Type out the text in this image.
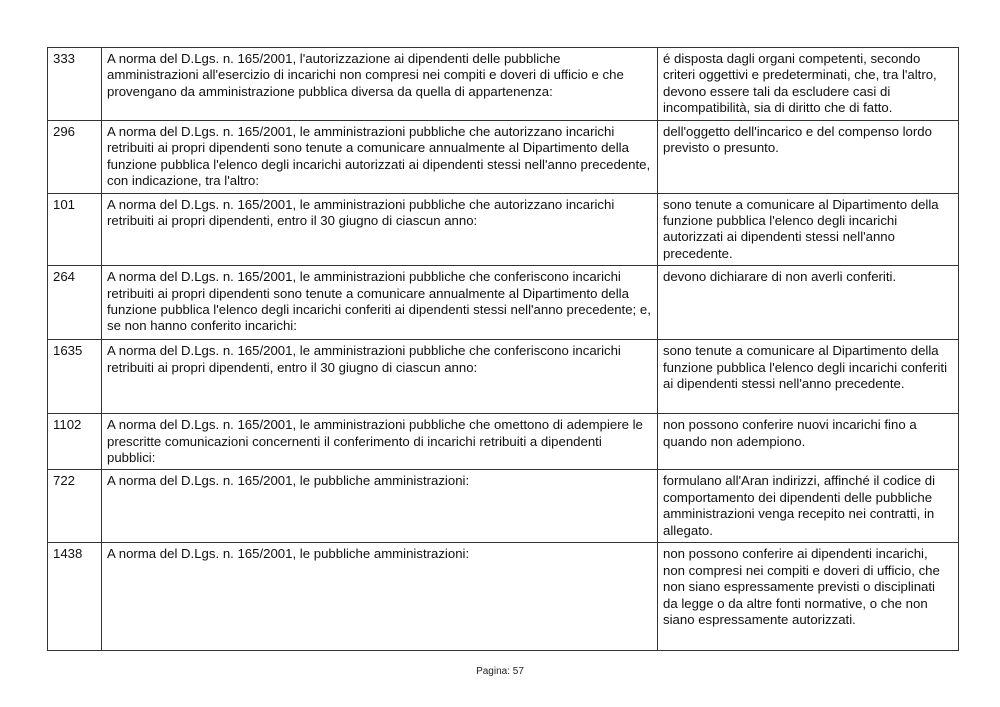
333	A norma del D.Lgs. n. 165/2001, l'autorizzazione ai dipendenti delle pubbliche amministrazioni all'esercizio di incarichi non compresi nei compiti e doveri di ufficio e che provengano da amministrazione pubblica diversa da quella di appartenenza:	é disposta dagli organi competenti, secondo criteri oggettivi e predeterminati, che, tra l'altro, devono essere tali da escludere casi di incompatibilità, sia di diritto che di fatto.
296	A norma del D.Lgs. n. 165/2001, le amministrazioni pubbliche che autorizzano incarichi retribuiti ai propri dipendenti sono tenute a comunicare annualmente al Dipartimento della funzione pubblica l'elenco degli incarichi autorizzati ai dipendenti stessi nell'anno precedente, con indicazione, tra l'altro:	dell'oggetto dell'incarico e del compenso lordo previsto o presunto.
101	A norma del D.Lgs. n. 165/2001, le amministrazioni pubbliche che autorizzano incarichi retribuiti ai propri dipendenti, entro il 30 giugno di ciascun anno:	sono tenute a comunicare al Dipartimento della funzione pubblica l'elenco degli incarichi autorizzati ai dipendenti stessi nell'anno precedente.
264	A norma del D.Lgs. n. 165/2001, le amministrazioni pubbliche che conferiscono incarichi retribuiti ai propri dipendenti sono tenute a comunicare annualmente al Dipartimento della funzione pubblica l'elenco degli incarichi conferiti ai dipendenti stessi nell'anno precedente; e, se non hanno conferito incarichi:	devono dichiarare di non averli conferiti.
1635	A norma del D.Lgs. n. 165/2001, le amministrazioni pubbliche che conferiscono incarichi retribuiti ai propri dipendenti, entro il 30 giugno di ciascun anno:	sono tenute a comunicare al Dipartimento della funzione pubblica l'elenco degli incarichi conferiti ai dipendenti stessi nell'anno precedente.
1102	A norma del D.Lgs. n. 165/2001, le amministrazioni pubbliche che omettono di adempiere le prescritte comunicazioni concernenti il conferimento di incarichi retribuiti a dipendenti pubblici:	non possono conferire nuovi incarichi fino a quando non adempiono.
722	A norma del D.Lgs. n. 165/2001, le pubbliche amministrazioni:	formulano all'Aran indirizzi, affinché il codice di comportamento dei dipendenti delle pubbliche amministrazioni venga recepito nei contratti, in allegato.
1438	A norma del D.Lgs. n. 165/2001, le pubbliche amministrazioni:	non possono conferire ai dipendenti incarichi, non compresi nei compiti e doveri di ufficio, che non siano espressamente previsti o disciplinati da legge o da altre fonti normative, o che non siano espressamente autorizzati.
Pagina: 57
